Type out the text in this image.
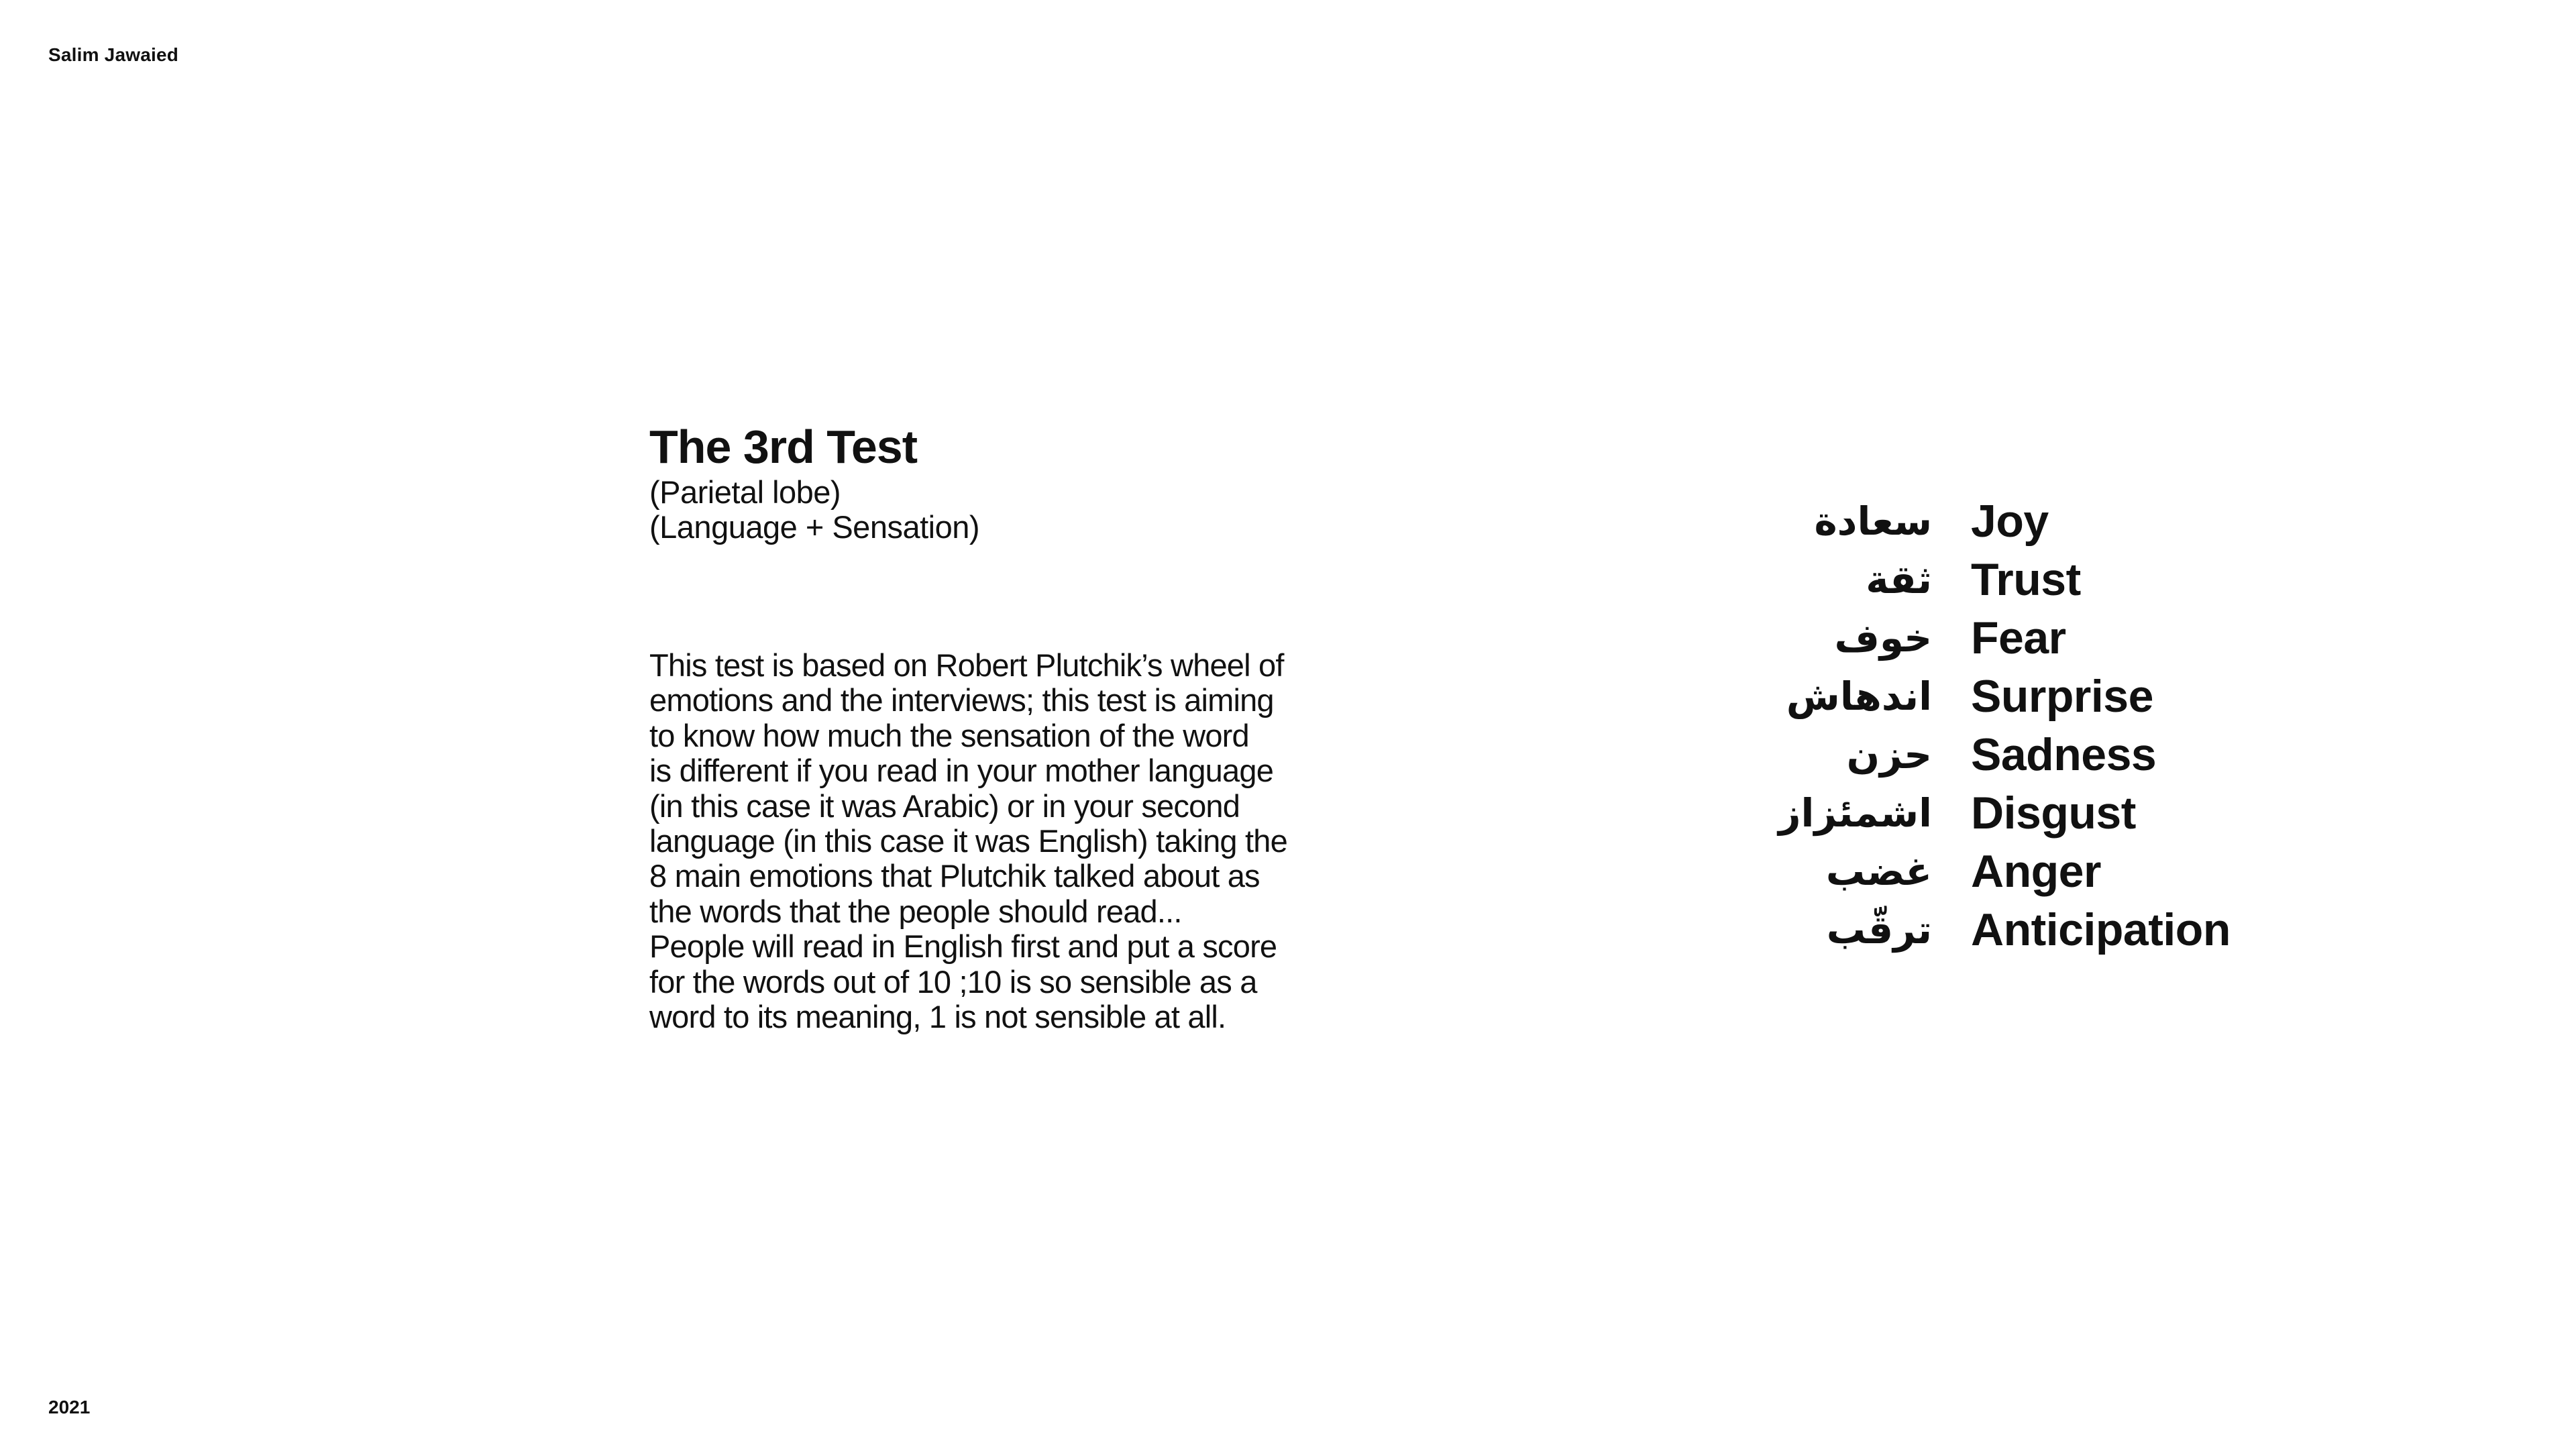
Salim Jawaied
The 3rd Test
(Parietal lobe)
(Language + Sensation)
This test is based on Robert Plutchik’s wheel of
emotions and the interviews; this test is aiming
to know how much the sensation of the word
is different if you read in your mother language
(in this case it was Arabic) or in your second
language (in this case it was English) taking the
8 main emotions that Plutchik talked about as
the words that the people should read...
People will read in English first and put a score
for the words out of 10 ;10 is so sensible as a
word to its meaning, 1 is not sensible at all.
سعادة Joy
ثقة Trust
خوف Fear
اندهاش Surprise
حزن Sadness
اشمئزاز Disgust
غضب Anger
ترقّب Anticipation
2021
